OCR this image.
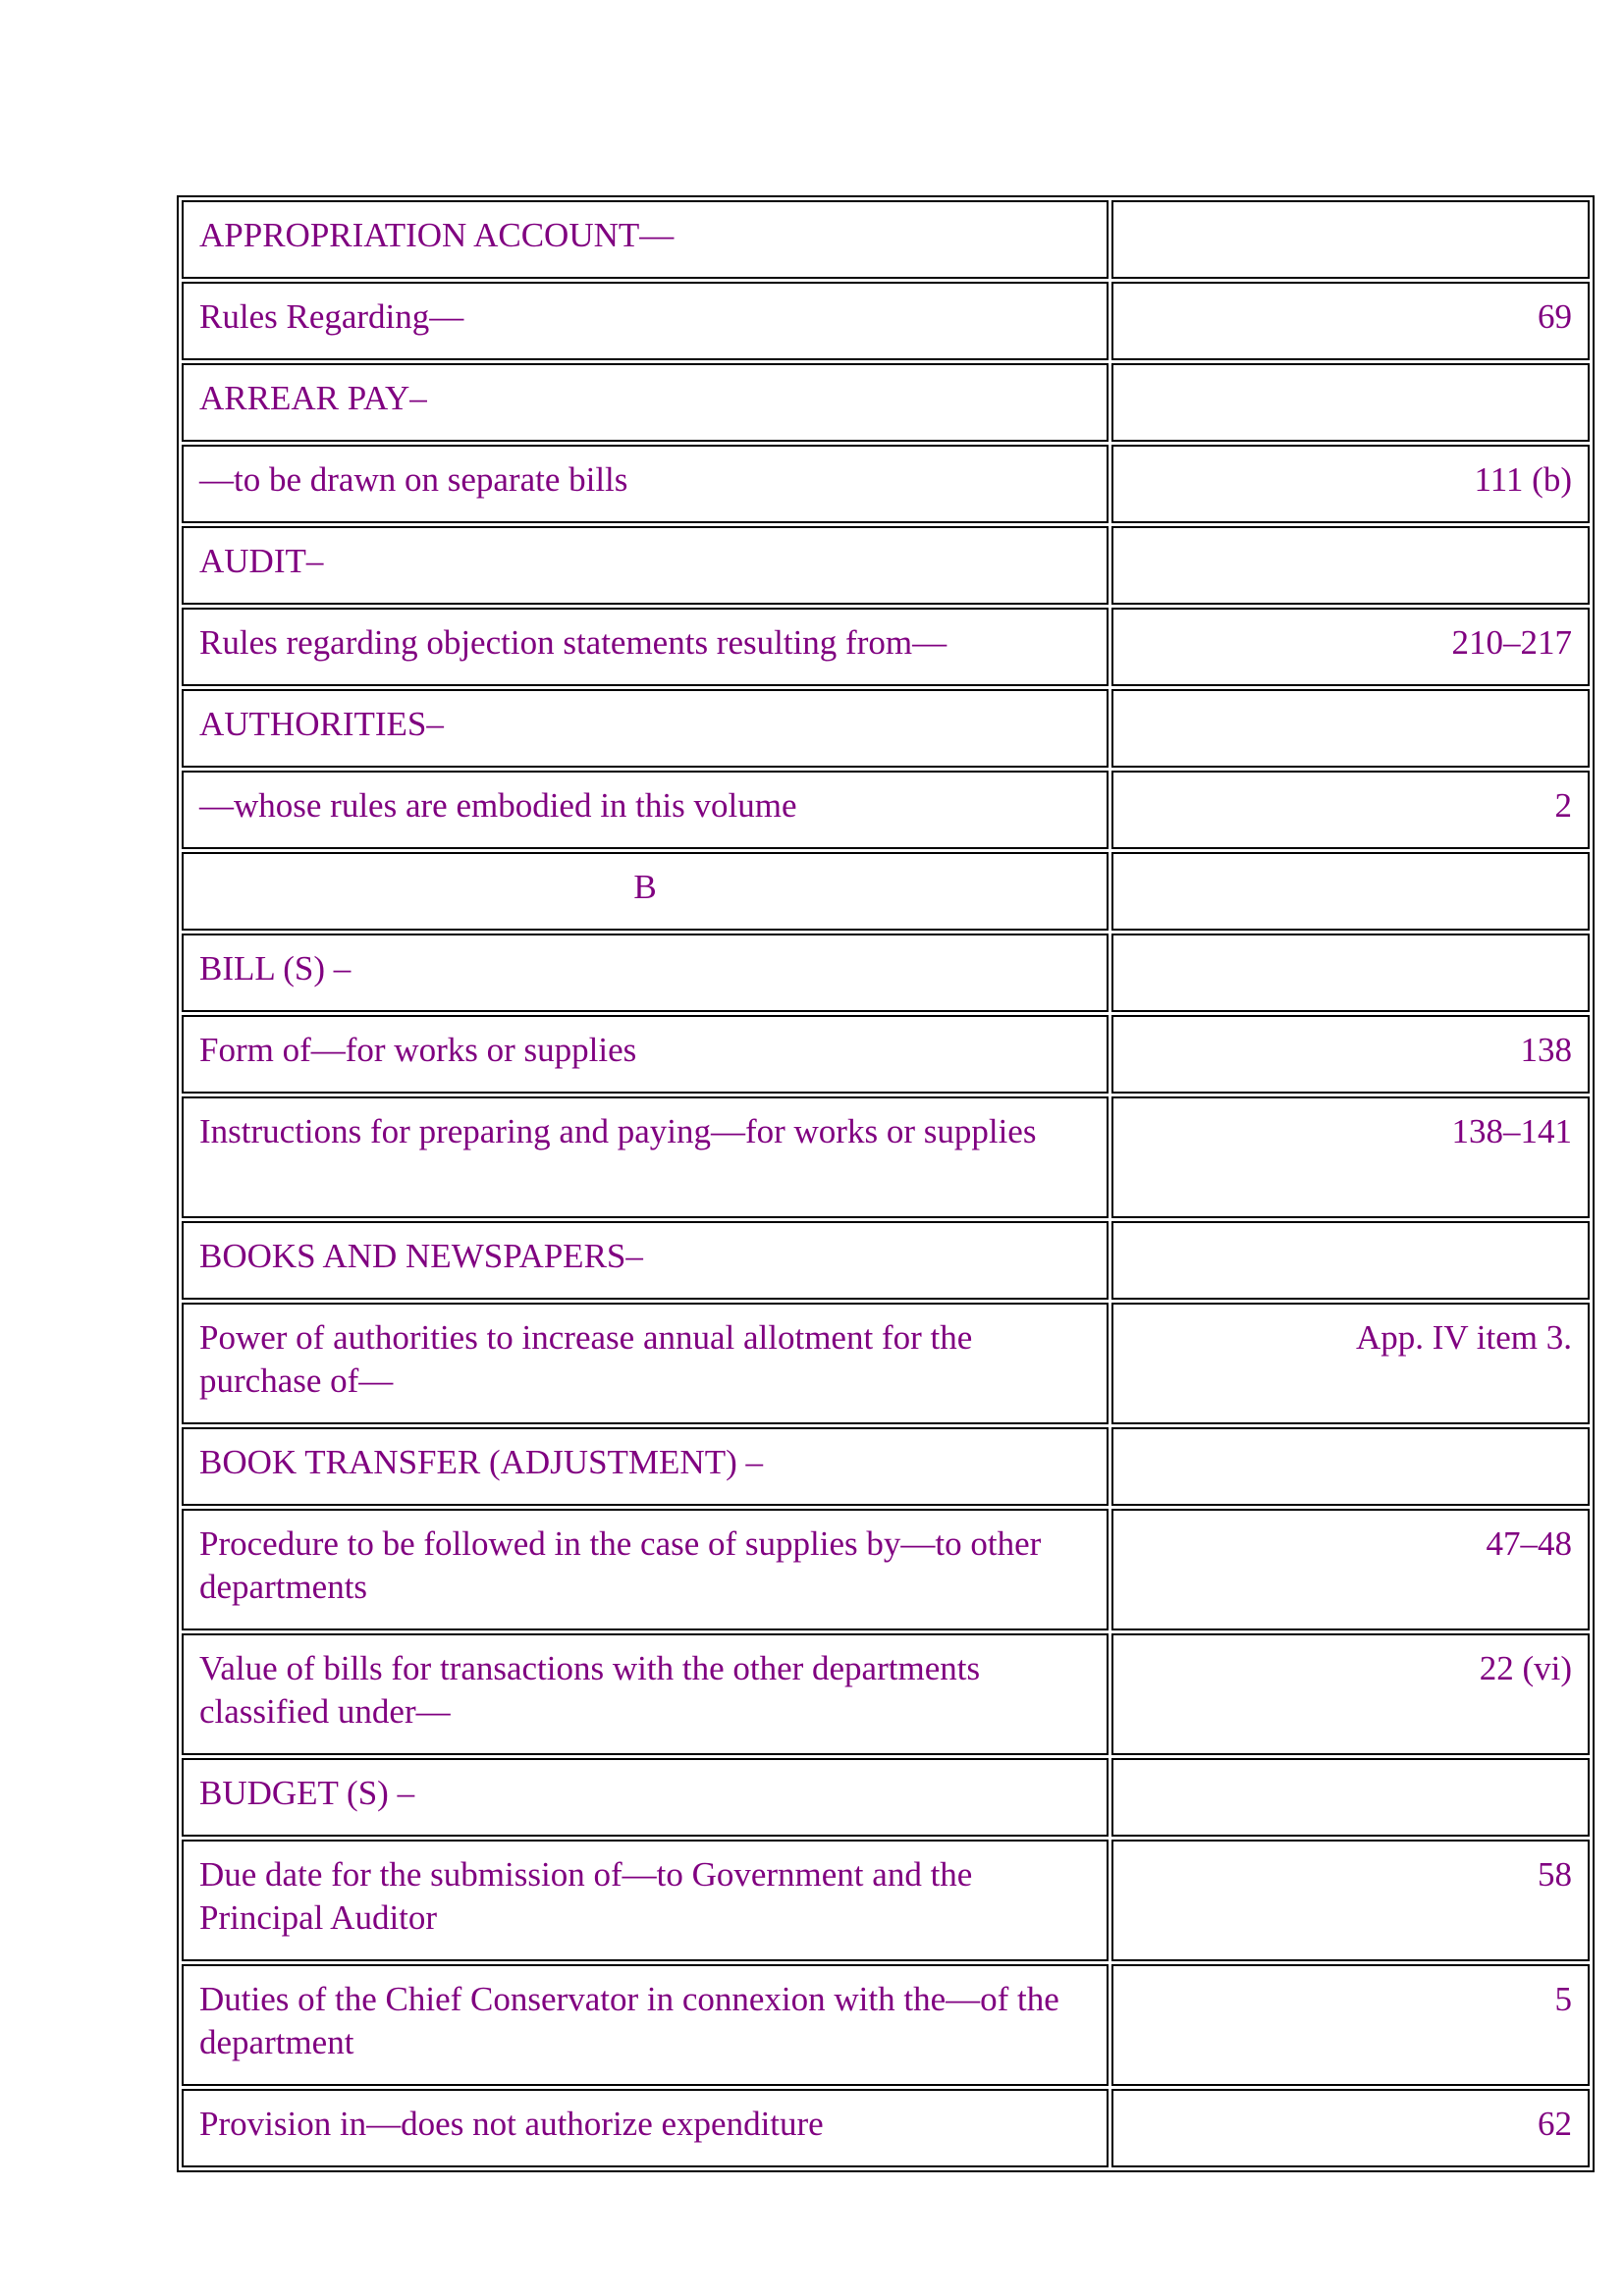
APPROPRIATION ACCOUNT—	
Rules Regarding—	69
ARREAR PAY–	
—to be drawn on separate bills	111 (b)
AUDIT–	
Rules regarding objection statements resulting from—	210–217
AUTHORITIES–	
—whose rules are embodied in this volume	2
B	
BILL (S) –	
Form of—for works or supplies	138
Instructions for preparing and paying—for works or supplies	138–141
BOOKS AND NEWSPAPERS–	
Power of authorities to increase annual allotment for the purchase of—	App. IV item 3.
BOOK TRANSFER (ADJUSTMENT) –	
Procedure to be followed in the case of supplies by—to other departments	47–48
Value of bills for transactions with the other departments classified under—	22 (vi)
BUDGET (S) –	
Due date for the submission of—to Government and the Principal Auditor	58
Duties of the Chief Conservator in connexion with the—of the department	5
Provision in—does not authorize expenditure	62
